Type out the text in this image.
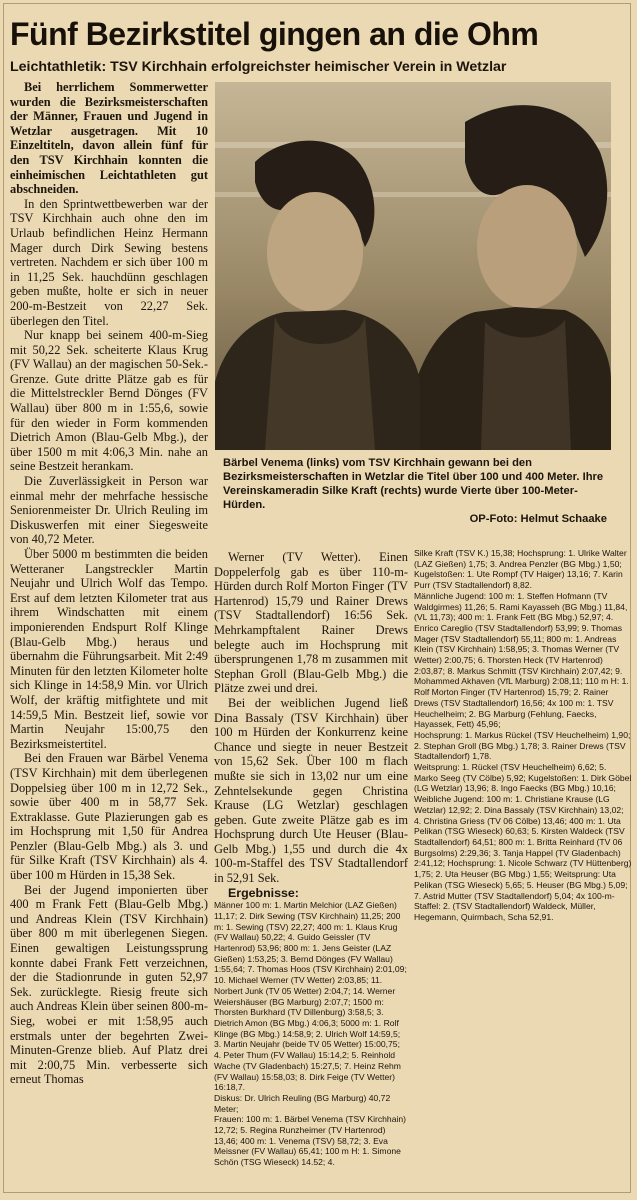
Fünf Bezirkstitel gingen an die Ohm

Leichtathletik: TSV Kirchhain erfolgreichster heimischer Verein in Wetzlar

Bei herrlichem Sommerwetter wurden die Bezirksmeisterschaften der Männer, Frauen und Jugend in Wetzlar ausgetragen. Mit 10 Einzeltiteln, davon allein fünf für den TSV Kirchhain konnten die einheimischen Leichtathleten gut abschneiden.

In den Sprintwettbewerben war der TSV Kirchhain auch ohne den im Urlaub befindlichen Heinz Hermann Mager durch Dirk Sewing bestens vertreten. Nachdem er sich über 100 m in 11,25 Sek. hauchdünn geschlagen geben mußte, holte er sich in neuer 200-m-Bestzeit von 22,27 Sek. überlegen den Titel.

Nur knapp bei seinem 400-m-Sieg mit 50,22 Sek. scheiterte Klaus Krug (FV Wallau) an der magischen 50-Sek.-Grenze. Gute dritte Plätze gab es für die Mittelstreckler Bernd Dönges (FV Wallau) über 800 m in 1:55,6, sowie für den wieder in Form kommenden Dietrich Amon (Blau-Gelb Mbg.), der über 1500 m mit 4:06,3 Min. nahe an seine Bestzeit herankam.

Die Zuverlässigkeit in Person war einmal mehr der mehrfache hessische Seniorenmeister Dr. Ulrich Reuling im Diskuswerfen mit einer Siegesweite von 40,72 Meter.

Über 5000 m bestimmten die beiden Wetteraner Langstreckler Martin Neujahr und Ulrich Wolf das Tempo. Erst auf dem letzten Kilometer trat aus ihrem Windschatten mit einem imponierenden Endspurt Rolf Klinge (Blau-Gelb Mbg.) heraus und übernahm die Führungsarbeit. Mit 2:49 Minuten für den letzten Kilometer holte sich Klinge in 14:58,9 Min. vor Ulrich Wolf, der kräftig mitfightete und mit 14:59,5 Min. Bestzeit lief, sowie vor Martin Neujahr 15:00,75 den Bezirksmeistertitel.

Bei den Frauen war Bärbel Venema (TSV Kirchhain) mit dem überlegenen Doppelsieg über 100 m in 12,72 Sek., sowie über 400 m in 58,77 Sek. Extraklasse. Gute Plazierungen gab es im Hochsprung mit 1,50 für Andrea Penzler (Blau-Gelb Mbg.) als 3. und für Silke Kraft (TSV Kirchhain) als 4. über 100 m Hürden in 15,38 Sek.

Bei der Jugend imponierten über 400 m Frank Fett (Blau-Gelb Mbg.) und Andreas Klein (TSV Kirchhain) über 800 m mit überlegenen Siegen. Einen gewaltigen Leistungssprung konnte dabei Frank Fett verzeichnen, der die Stadionrunde in guten 52,97 Sek. zurücklegte. Riesig freute sich auch Andreas Klein über seinen 800-m-Sieg, wobei er mit 1:58,95 auch erstmals unter der begehrten Zwei-Minuten-Grenze blieb. Auf Platz drei mit 2:00,75 Min. verbesserte sich erneut Thomas

Bärbel Venema (links) vom TSV Kirchhain gewann bei den Bezirksmeisterschaften in Wetzlar die Titel über 100 und 400 Meter. Ihre Vereinskameradin Silke Kraft (rechts) wurde Vierte über 100-Meter-Hürden.

OP-Foto: Helmut Schaake

Werner (TV Wetter). Einen Doppelerfolg gab es über 110-m-Hürden durch Rolf Morton Finger (TV Hartenrod) 15,79 und Rainer Drews (TSV Stadtallendorf) 16:56 Sek. Mehrkampftalent Rainer Drews belegte auch im Hochsprung mit übersprungenen 1,78 m zusammen mit Stephan Groll (Blau-Gelb Mbg.) die Plätze zwei und drei.

Bei der weiblichen Jugend ließ Dina Bassaly (TSV Kirchhain) über 100 m Hürden der Konkurrenz keine Chance und siegte in neuer Bestzeit von 15,62 Sek. Über 100 m flach mußte sie sich in 13,02 nur um eine Zehntelsekunde gegen Christina Krause (LG Wetzlar) geschlagen geben. Gute zweite Plätze gab es im Hochsprung durch Ute Heuser (Blau-Gelb Mbg.) 1,55 und durch die 4x 100-m-Staffel des TSV Stadtallendorf in 52,91 Sek.

Ergebnisse:

Männer 100 m: 1. Martin Melchior (LAZ Gießen) 11,17; 2. Dirk Sewing (TSV Kirchhain) 11,25; 200 m: 1. Sewing (TSV) 22,27; 400 m: 1. Klaus Krug (FV Wallau) 50,22; 4. Guido Geissler (TV Hartenrod) 53,96; 800 m: 1. Jens Geister (LAZ Gießen) 1:53,25; 3. Bernd Dönges (FV Wallau) 1:55,64; 7. Thomas Hoos (TSV Kirchhain) 2:01,09; 10. Michael Werner (TV Wetter) 2:03,85; 11. Norbert Junk (TV 05 Wetter) 2:04,7; 14. Werner Weiershäuser (BG Marburg) 2:07,7; 1500 m: Thorsten Burkhard (TV Dillenburg) 3:58,5; 3. Dietrich Amon (BG Mbg.) 4:06,3; 5000 m: 1. Rolf Klinge (BG Mbg.) 14:58,9; 2. Ulrich Wolf 14:59,5; 3. Martin Neujahr (beide TV 05 Wetter) 15:00,75; 4. Peter Thum (FV Wallau) 15:14,2; 5. Reinhold Wache (TV Gladenbach) 15:27,5; 7. Heinz Rehm (FV Wallau) 15:58,03; 8. Dirk Feige (TV Wetter) 16:18,7.

Diskus: Dr. Ulrich Reuling (BG Marburg) 40,72 Meter;

Frauen: 100 m: 1. Bärbel Venema (TSV Kirchhain) 12,72; 5. Regina Runzheimer (TV Hartenrod) 13,46; 400 m: 1. Venema (TSV) 58,72; 3. Eva Meissner (FV Wallau) 65,41; 100 m H: 1. Simone Schön (TSG Wieseck) 14.52; 4.

Silke Kraft (TSV K.) 15,38; Hochsprung: 1. Ulrike Walter (LAZ Gießen) 1,75; 3. Andrea Penzler (BG Mbg.) 1,50; Kugelstoßen: 1. Ute Rompf (TV Haiger) 13,16; 7. Karin Purr (TSV Stadtallendorf) 8,82.

Männliche Jugend: 100 m: 1. Steffen Hofmann (TV Waldgirmes) 11,26; 5. Rami Kayasseh (BG Mbg.) 11,84, (VL 11,73); 400 m: 1. Frank Fett (BG Mbg.) 52,97; 4. Enrico Careglio (TSV Stadtallendorf) 53,99; 9. Thomas Mager (TSV Stadtallendorf) 55,11; 800 m: 1. Andreas Klein (TSV Kirchhain) 1:58,95; 3. Thomas Werner (TV Wetter) 2:00,75; 6. Thorsten Heck (TV Hartenrod) 2:03,87; 8. Markus Schmitt (TSV Kirchhain) 2:07,42; 9. Mohammed Akhaven (VfL Marburg) 2:08,11; 110 m H: 1. Rolf Morton Finger (TV Hartenrod) 15,79; 2. Rainer Drews (TSV Stadtallendorf) 16,56; 4x 100 m: 1. TSV Heuchelheim; 2. BG Marburg (Fehlung, Faecks, Hayassek, Fett) 45,96;

Hochsprung: 1. Markus Rückel (TSV Heuchelheim) 1,90; 2. Stephan Groll (BG Mbg.) 1,78; 3. Rainer Drews (TSV Stadtallendorf) 1,78.

Weitsprung: 1. Rückel (TSV Heuchelheim) 6,62; 5. Marko Seeg (TV Cölbe) 5,92; Kugelstoßen: 1. Dirk Göbel (LG Wetzlar) 13,96; 8. Ingo Faecks (BG Mbg.) 10,16;

Weibliche Jugend: 100 m: 1. Christiane Krause (LG Wetzlar) 12,92; 2. Dina Bassaly (TSV Kirchhain) 13,02; 4. Christina Griess (TV 06 Cölbe) 13,46; 400 m: 1. Uta Pelikan (TSG Wieseck) 60,63; 5. Kirsten Waldeck (TSV Stadtallendorf) 64,51; 800 m: 1. Britta Reinhard (TV 06 Burgsolms) 2:29,36; 3. Tanja Happel (TV Gladenbach) 2:41,12; Hochsprung: 1. Nicole Schwarz (TV Hüttenberg) 1,75; 2. Uta Heuser (BG Mbg.) 1,55; Weitsprung: Uta Pelikan (TSG Wieseck) 5,65; 5. Heuser (BG Mbg.) 5,09; 7. Astrid Mutter (TSV Stadtallendorf) 5,04; 4x 100-m-Staffel: 2. (TSV Stadtallendorf) Waldeck, Müller, Hegemann, Quirmbach, Scha 52,91.
